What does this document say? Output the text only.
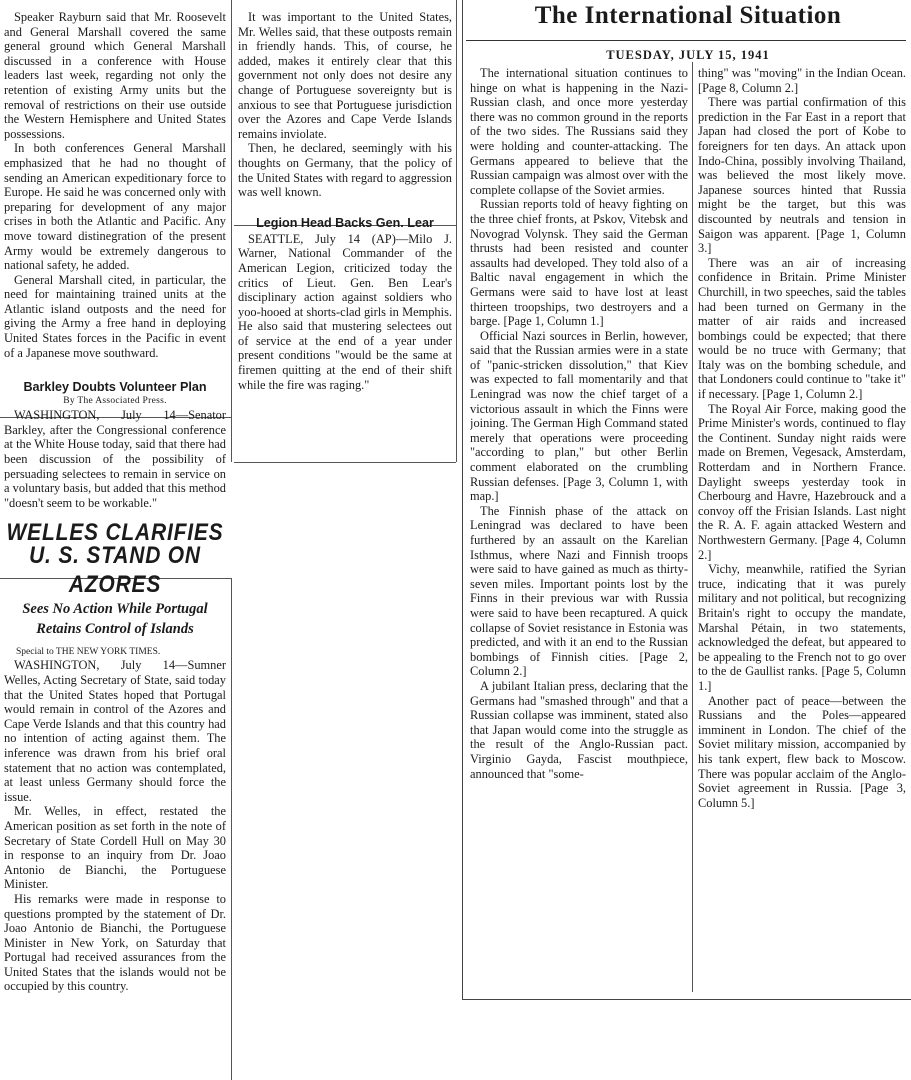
Speaker Rayburn said that Mr. Roosevelt and General Marshall covered the same general ground which General Marshall discussed in a conference with House leaders last week, regarding not only the retention of existing Army units but the removal of restrictions on their use outside the Western Hemisphere and United States possessions.

In both conferences General Marshall emphasized that he had no thought of sending an American expeditionary force to Europe. He said he was concerned only with preparing for development of any major crises in both the Atlantic and Pacific. Any move toward distinegration of the present Army would be extremely dangerous to national safety, he added.

General Marshall cited, in particular, the need for maintaining trained units at the Atlantic island outposts and the need for giving the Army a free hand in deploying United States forces in the Pacific in event of a Japanese move southward.

Barkley Doubts Volunteer Plan
By The Associated Press.

WASHINGTON, July 14—Senator Barkley, after the Congressional conference at the White House today, said that there had been discussion of the possibility of persuading selectees to remain in service on a voluntary basis, but added that this method "doesn't seem to be workable."

WELLES CLARIFIES
U. S. STAND ON AZORES
Sees No Action While Portugal
Retains Control of Islands
Special to THE NEW YORK TIMES.

WASHINGTON, July 14—Sumner Welles, Acting Secretary of State, said today that the United States hoped that Portugal would remain in control of the Azores and Cape Verde Islands and that this country had no intention of acting against them. The inference was drawn from his brief oral statement that no action was contemplated, at least unless Germany should force the issue.

Mr. Welles, in effect, restated the American position as set forth in the note of Secretary of State Cordell Hull on May 30 in response to an inquiry from Dr. Joao Antonio de Bianchi, the Portuguese Minister.

His remarks were made in response to questions prompted by the statement of Dr. Joao Antonio de Bianchi, the Portuguese Minister in New York, on Saturday that Portugal had received assurances from the United States that the islands would not be occupied by this country.

It was important to the United States, Mr. Welles said, that these outposts remain in friendly hands. This, of course, he added, makes it entirely clear that this government not only does not desire any change of Portuguese sovereignty but is anxious to see that Portuguese jurisdiction over the Azores and Cape Verde Islands remains inviolate.

Then, he declared, seemingly with his thoughts on Germany, that the policy of the United States with regard to aggression was well known.

Legion Head Backs Gen. Lear

SEATTLE, July 14 (AP)—Milo J. Warner, National Commander of the American Legion, criticized today the critics of Lieut. Gen. Ben Lear's disciplinary action against soldiers who yoo-hooed at shorts-clad girls in Memphis. He also said that mustering selectees out of service at the end of a year under present conditions "would be the same at firemen quitting at the end of their shift while the fire was raging."

The International Situation
TUESDAY, JULY 15, 1941

The international situation continues to hinge on what is happening in the Nazi-Russian clash, and once more yesterday there was no common ground in the reports of the two sides. The Russians said they were holding and counter-attacking. The Germans appeared to believe that the Russian campaign was almost over with the complete collapse of the Soviet armies.

Russian reports told of heavy fighting on the three chief fronts, at Pskov, Vitebsk and Novograd Volynsk. They said the German thrusts had been resisted and counter assaults had developed. They told also of a Baltic naval engagement in which the Germans were said to have lost at least thirteen troopships, two destroyers and a barge. [Page 1, Column 1.]

Official Nazi sources in Berlin, however, said that the Russian armies were in a state of "panic-stricken dissolution," that Kiev was expected to fall momentarily and that Leningrad was now the chief target of a victorious assault in which the Finns were joining. The German High Command stated merely that operations were proceeding "according to plan," but other Berlin comment elaborated on the crumbling Russian defenses. [Page 3, Column 1, with map.]

The Finnish phase of the attack on Leningrad was declared to have been furthered by an assault on the Karelian Isthmus, where Nazi and Finnish troops were said to have gained as much as thirty-seven miles. Important points lost by the Finns in their previous war with Russia were said to have been recaptured. A quick collapse of Soviet resistance in Estonia was predicted, and with it an end to the Russian bombings of Finnish cities. [Page 2, Column 2.]

A jubilant Italian press, declaring that the Germans had "smashed through" and that a Russian collapse was imminent, stated also that Japan would come into the struggle as the result of the Anglo-Russian pact. Virginio Gayda, Fascist mouthpiece, announced that "some-

thing" was "moving" in the Indian Ocean. [Page 8, Column 2.]

There was partial confirmation of this prediction in the Far East in a report that Japan had closed the port of Kobe to foreigners for ten days. An attack upon Indo-China, possibly involving Thailand, was believed the most likely move. Japanese sources hinted that Russia might be the target, but this was discounted by neutrals and tension in Saigon was apparent. [Page 1, Column 3.]

There was an air of increasing confidence in Britain. Prime Minister Churchill, in two speeches, said the tables had been turned on Germany in the matter of air raids and increased bombings could be expected; that there would be no truce with Germany; that Italy was on the bombing schedule, and that Londoners could continue to "take it" if necessary. [Page 1, Column 2.]

The Royal Air Force, making good the Prime Minister's words, continued to flay the Continent. Sunday night raids were made on Bremen, Vegesack, Amsterdam, Rotterdam and in Northern France. Daylight sweeps yesterday took in Cherbourg and Havre, Hazebrouck and a convoy off the Frisian Islands. Last night the R. A. F. again attacked Western and Northwestern Germany. [Page 4, Column 2.]

Vichy, meanwhile, ratified the Syrian truce, indicating that it was purely military and not political, but recognizing Britain's right to occupy the mandate, Marshal Pétain, in two statements, acknowledged the defeat, but appeared to be appealing to the French not to go over to the de Gaullist ranks. [Page 5, Column 1.]

Another pact of peace—between the Russians and the Poles—appeared imminent in London. The chief of the Soviet military mission, accompanied by his tank expert, flew back to Moscow. There was popular acclaim of the Anglo-Soviet agreement in Russia. [Page 3, Column 5.]
